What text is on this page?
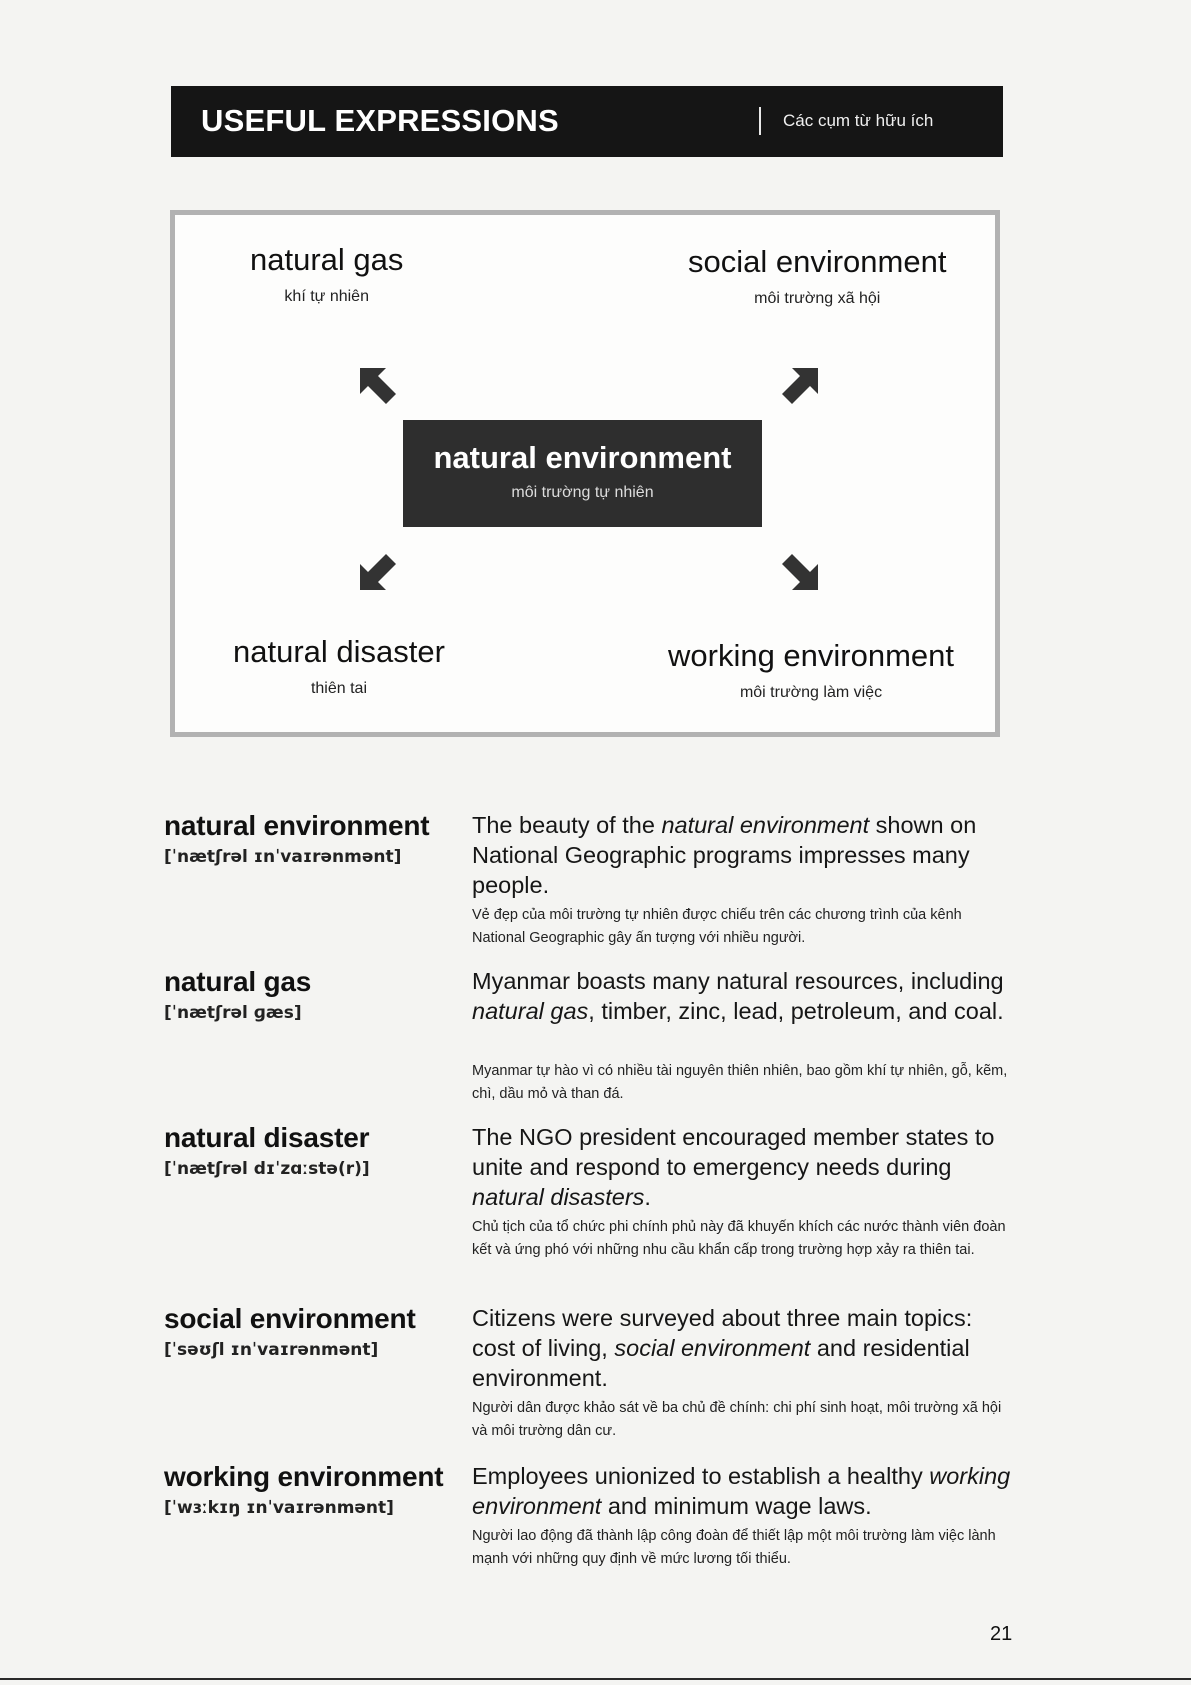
USEFUL EXPRESSIONS	Các cụm từ hữu ích
natural gas
khí tự nhiên
social environment
môi trường xã hội
natural disaster
thiên tai
working environment
môi trường làm việc
natural environment
môi trường tự nhiên
natural environment
[ˈnætʃrəl ɪnˈvaɪrənmənt]
The beauty of the natural environment shown on National Geographic programs impresses many people.
Vẻ đẹp của môi trường tự nhiên được chiếu trên các chương trình của kênh National Geographic gây ấn tượng với nhiều người.
natural gas
[ˈnætʃrəl ɡæs]
Myanmar boasts many natural resources, including natural gas, timber, zinc, lead, petroleum, and coal.
Myanmar tự hào vì có nhiều tài nguyên thiên nhiên, bao gồm khí tự nhiên, gỗ, kẽm, chì, dầu mỏ và than đá.
natural disaster
[ˈnætʃrəl dɪˈzɑːstə(r)]
The NGO president encouraged member states to unite and respond to emergency needs during natural disasters.
Chủ tịch của tổ chức phi chính phủ này đã khuyến khích các nước thành viên đoàn kết và ứng phó với những nhu cầu khẩn cấp trong trường hợp xảy ra thiên tai.
social environment
[ˈsəʊʃl ɪnˈvaɪrənmənt]
Citizens were surveyed about three main topics: cost of living, social environment and residential environment.
Người dân được khảo sát về ba chủ đề chính: chi phí sinh hoạt, môi trường xã hội và môi trường dân cư.
working environment
[ˈwɜːkɪŋ ɪnˈvaɪrənmənt]
Employees unionized to establish a healthy working environment and minimum wage laws.
Người lao động đã thành lập công đoàn để thiết lập một môi trường làm việc lành mạnh với những quy định về mức lương tối thiểu.
21
